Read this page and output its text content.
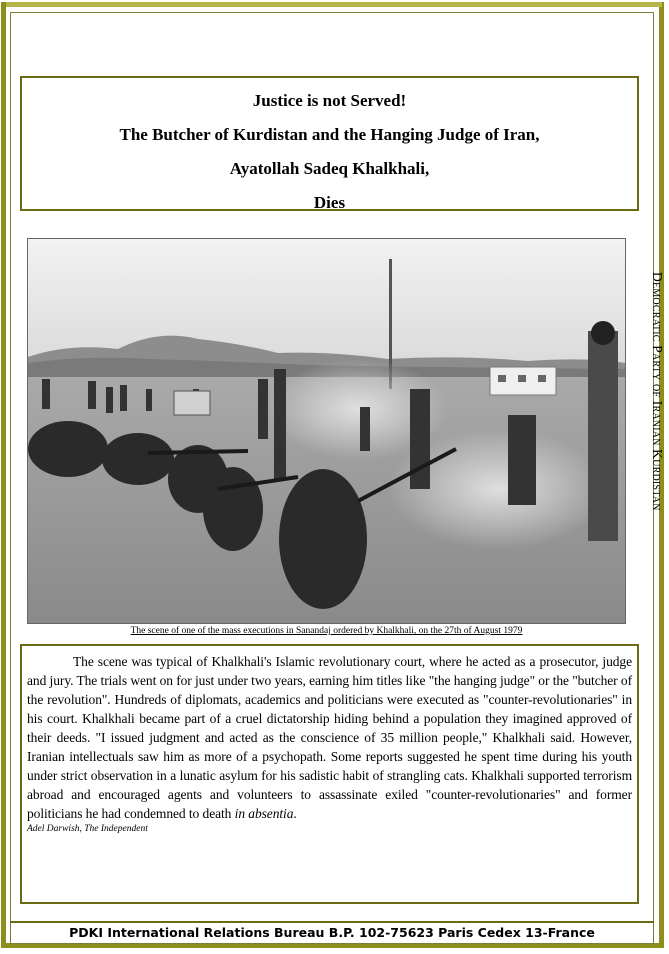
Justice is not Served!
The Butcher of Kurdistan and the Hanging Judge of Iran,
Ayatollah Sadeq Khalkhali,
Dies
The scene of one of the mass executions in Sanandaj ordered by Khalkhali, on the 27th of August 1979
Democratic Party of Iranian Kurdistan

The scene was typical of Khalkhali's Islamic revolutionary court, where he acted as a prosecutor, judge and jury. The trials went on for just under two years, earning him titles like "the hanging judge" or the "butcher of the revolution". Hundreds of diplomats, academics and politicians were executed as "counter-revolutionaries" in his court. Khalkhali became part of a cruel dictatorship hiding behind a population they imagined approved of their deeds. "I issued judgment and acted as the conscience of 35 million people," Khalkhali said. However, Iranian intellectuals saw him as more of a psychopath. Some reports suggested he spent time during his youth under strict observation in a lunatic asylum for his sadistic habit of strangling cats. Khalkhali supported terrorism abroad and encouraged agents and volunteers to assassinate exiled "counter-revolutionaries" and former politicians he had condemned to death in absentia.

Adel Darwish, The Independent
PDKI International Relations Bureau B.P. 102-75623 Paris Cedex 13-France
